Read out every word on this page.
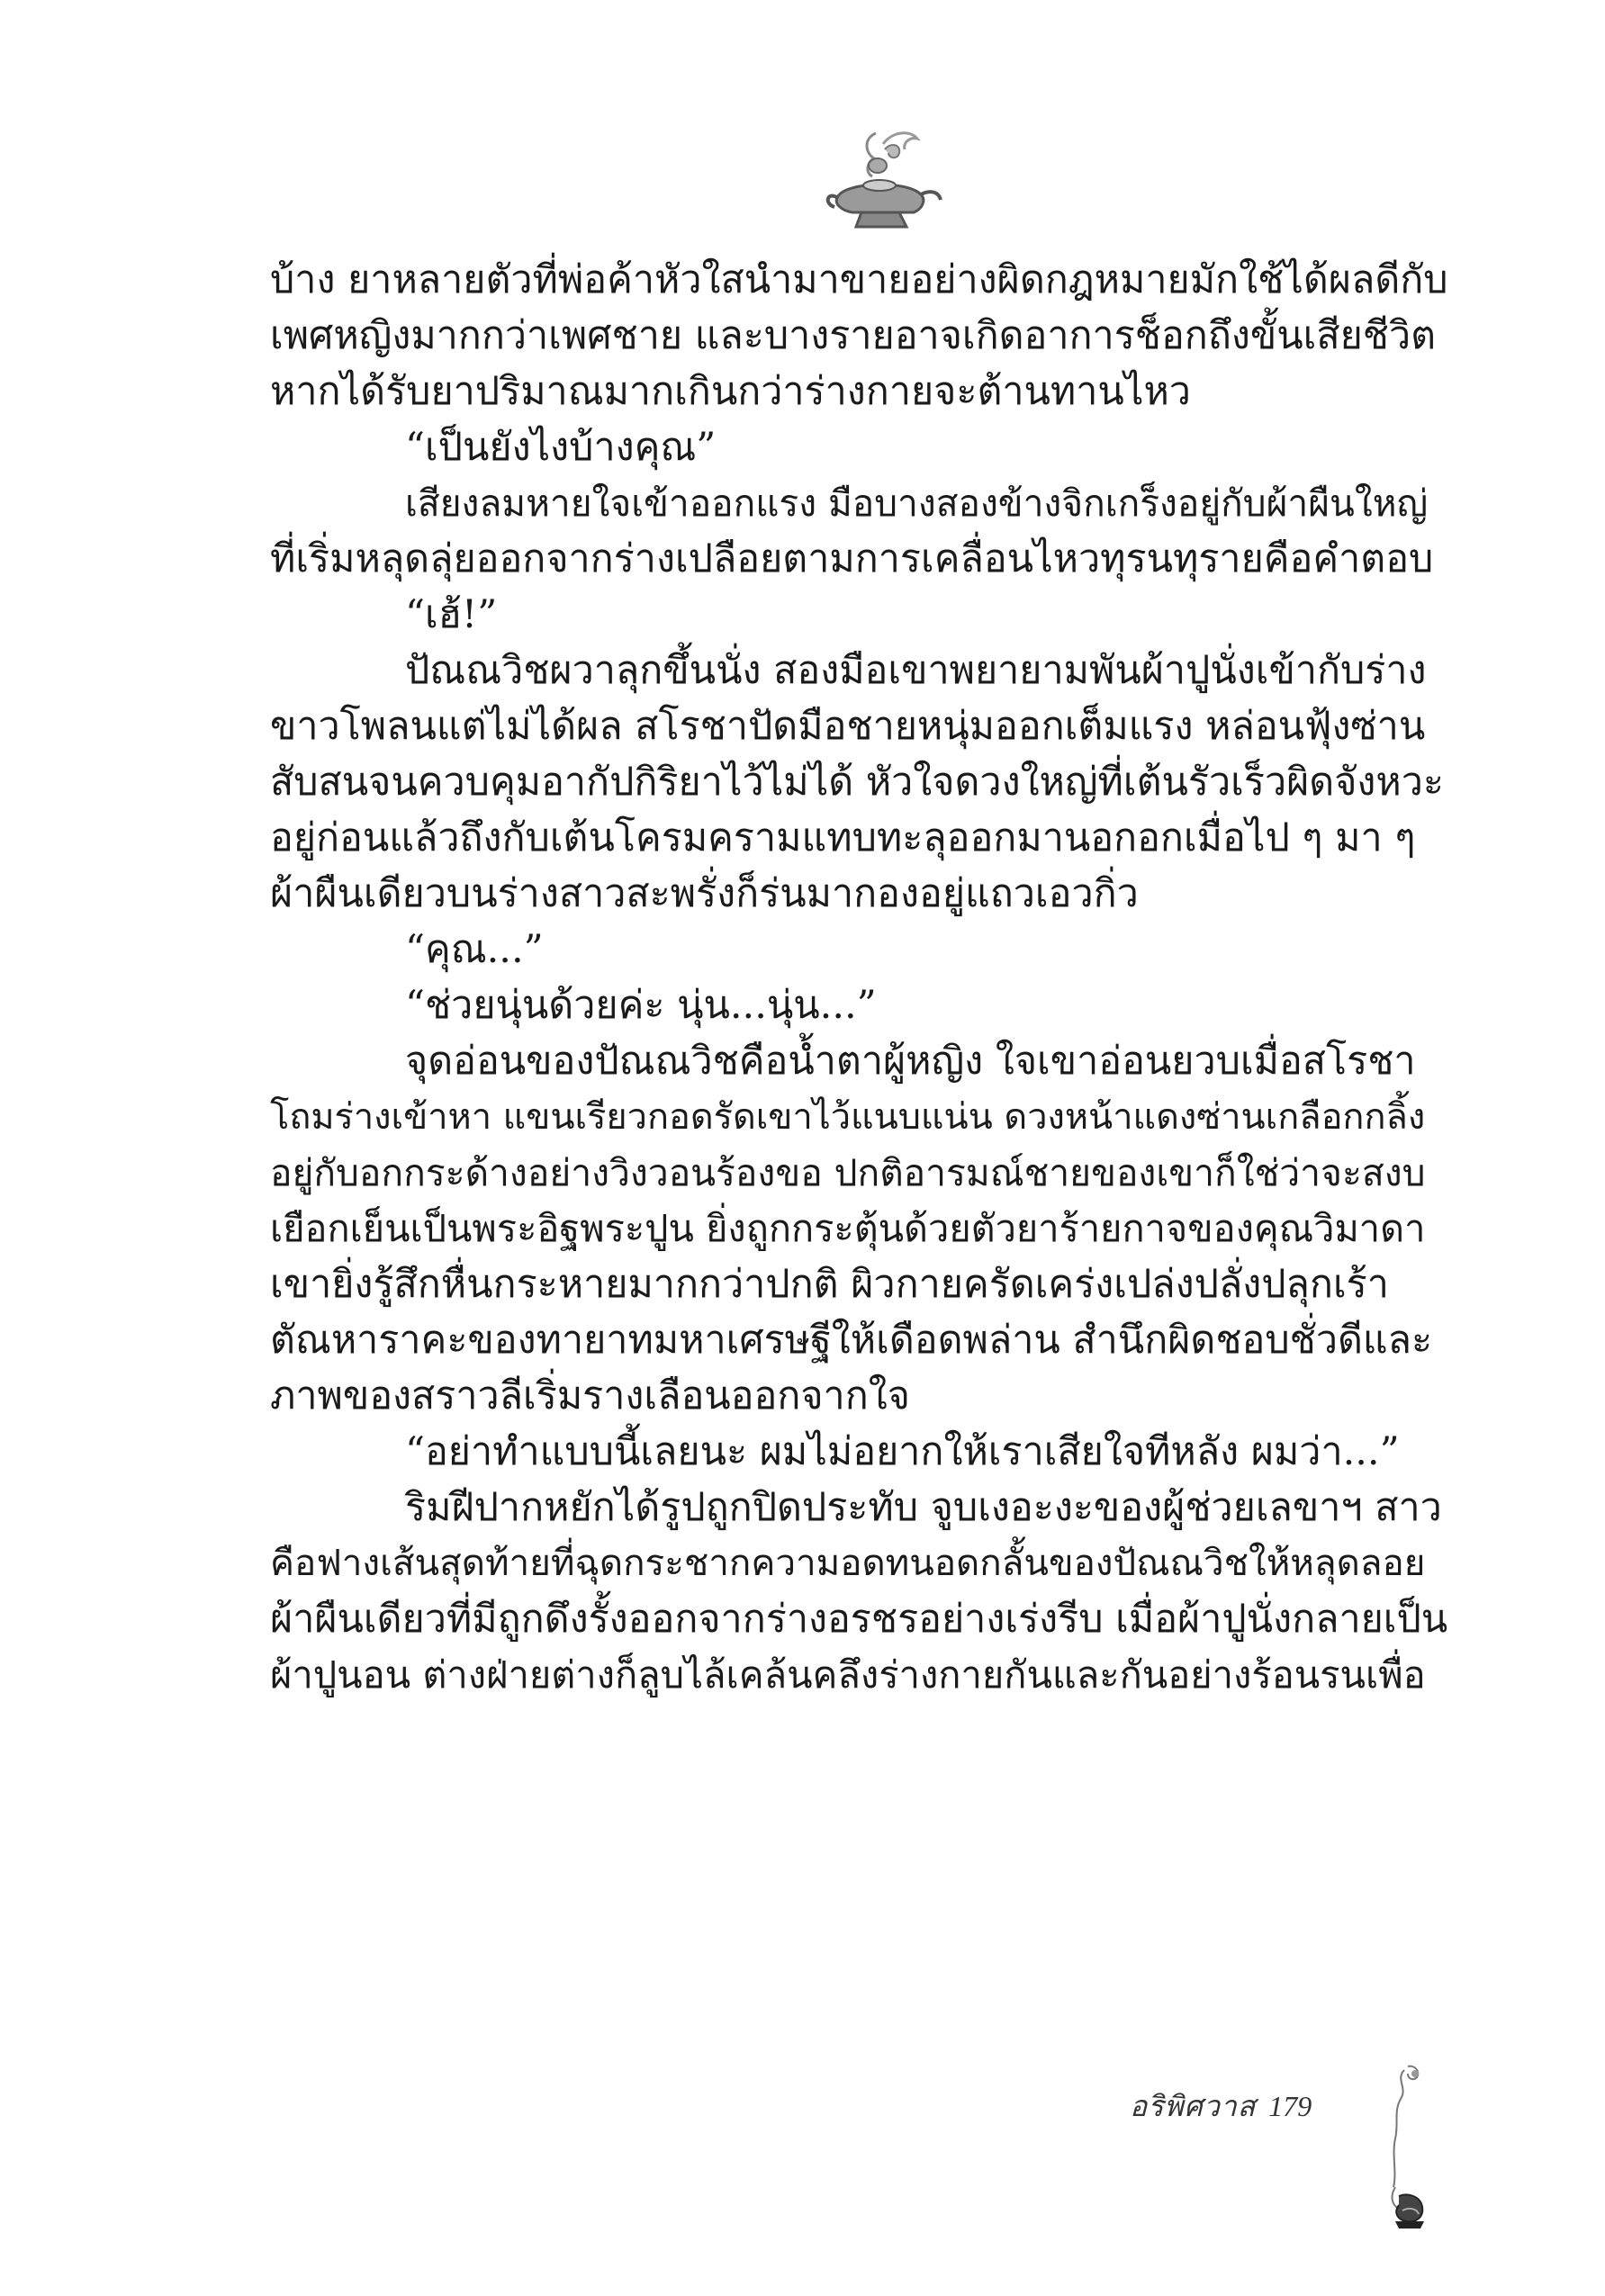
บ้าง ยาหลายตัวที่พ่อค้าหัวใสนำมาขายอย่างผิดกฎหมายมักใช้ได้ผลดีกับ
เพศหญิงมากกว่าเพศชาย และบางรายอาจเกิดอาการช็อกถึงขั้นเสียชีวิต
หากได้รับยาปริมาณมากเกินกว่าร่างกายจะต้านทานไหว
“เป็นยังไงบ้างคุณ”
เสียงลมหายใจเข้าออกแรง มือบางสองข้างจิกเกร็งอยู่กับผ้าผืนใหญ่
ที่เริ่มหลุดลุ่ยออกจากร่างเปลือยตามการเคลื่อนไหวทุรนทุรายคือคำตอบ
“เฮ้!”
ปัณณวิชผวาลุกขึ้นนั่ง สองมือเขาพยายามพันผ้าปูนั่งเข้ากับร่าง
ขาวโพลนแต่ไม่ได้ผล สโรชาปัดมือชายหนุ่มออกเต็มแรง หล่อนฟุ้งซ่าน
สับสนจนควบคุมอากัปกิริยาไว้ไม่ได้ หัวใจดวงใหญ่ที่เต้นรัวเร็วผิดจังหวะ
อยู่ก่อนแล้วถึงกับเต้นโครมครามแทบทะลุออกมานอกอกเมื่อไป ๆ มา ๆ
ผ้าผืนเดียวบนร่างสาวสะพรั่งก็ร่นมากองอยู่แถวเอวกิ่ว
“คุณ...”
“ช่วยนุ่นด้วยค่ะ นุ่น...นุ่น...”
จุดอ่อนของปัณณวิชคือน้ำตาผู้หญิง ใจเขาอ่อนยวบเมื่อสโรชา
โถมร่างเข้าหา แขนเรียวกอดรัดเขาไว้แนบแน่น ดวงหน้าแดงซ่านเกลือกกลิ้ง
อยู่กับอกกระด้างอย่างวิงวอนร้องขอ ปกติอารมณ์ชายของเขาก็ใช่ว่าจะสงบ
เยือกเย็นเป็นพระอิฐพระปูน ยิ่งถูกกระตุ้นด้วยตัวยาร้ายกาจของคุณวิมาดา
เขายิ่งรู้สึกหื่นกระหายมากกว่าปกติ ผิวกายครัดเคร่งเปล่งปลั่งปลุกเร้า
ตัณหาราคะของทายาทมหาเศรษฐีให้เดือดพล่าน สำนึกผิดชอบชั่วดีและ
ภาพของสราวลีเริ่มรางเลือนออกจากใจ
“อย่าทำแบบนี้เลยนะ ผมไม่อยากให้เราเสียใจทีหลัง ผมว่า...”
ริมฝีปากหยักได้รูปถูกปิดประทับ จูบเงอะงะของผู้ช่วยเลขาฯ สาว
คือฟางเส้นสุดท้ายที่ฉุดกระชากความอดทนอดกลั้นของปัณณวิชให้หลุดลอย
ผ้าผืนเดียวที่มีถูกดึงรั้งออกจากร่างอรชรอย่างเร่งรีบ เมื่อผ้าปูนั่งกลายเป็น
ผ้าปูนอน ต่างฝ่ายต่างก็ลูบไล้เคล้นคลึงร่างกายกันและกันอย่างร้อนรนเพื่อ
อริพิศวาส 179
